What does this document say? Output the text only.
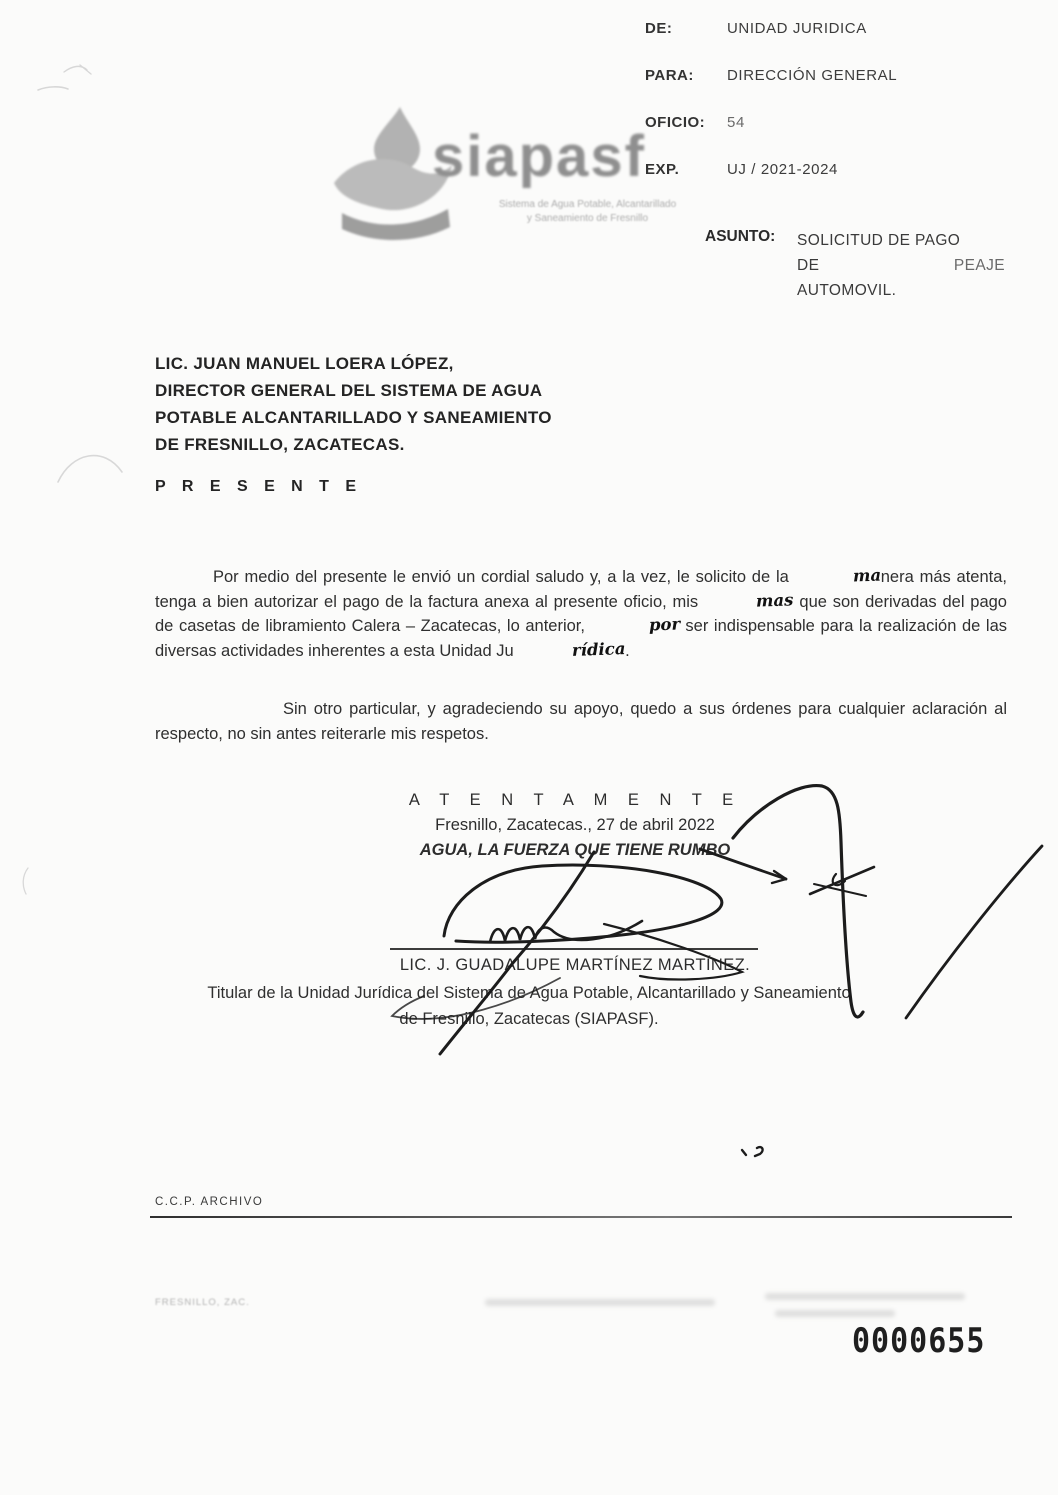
siapasf
Sistema de Agua Potable, Alcantarillado
y Saneamiento de Fresnillo
DE:	UNIDAD JURIDICA
PARA:	DIRECCIÓN GENERAL
OFICIO:	54
EXP.	UJ / 2021-2024
ASUNTO:	SOLICITUD DE PAGO
DE	PEAJE
AUTOMOVIL.
LIC. JUAN MANUEL LOERA LÓPEZ,
DIRECTOR GENERAL DEL SISTEMA DE AGUA
POTABLE ALCANTARILLADO Y SANEAMIENTO
DE FRESNILLO, ZACATECAS.
P R E S E N T E
Por medio del presente le envió un cordial saludo y, a la vez, le solicito de la	manera más atenta, tenga a bien autorizar el pago de la factura anexa al presente oficio, mis	mas que son derivadas del pago de casetas de libramiento Calera – Zacatecas, lo anterior,	por ser indispensable para la realización de las diversas actividades inherentes a esta Unidad Ju	rídica.
Sin otro particular, y agradeciendo su apoyo, quedo a sus órdenes para cualquier aclaración al respecto, no sin antes reiterarle mis respetos.
A T E N T A M E N T E
Fresnillo, Zacatecas., 27 de abril 2022
AGUA, LA FUERZA QUE TIENE RUMBO
LIC. J. GUADALUPE MARTÍNEZ MARTÍNEZ.
Titular de la Unidad Jurídica del Sistema de Agua Potable, Alcantarillado y Saneamiento
de Fresnillo, Zacatecas (SIAPASF).
C.C.P. ARCHIVO
FRESNILLO, ZAC.
0000655
